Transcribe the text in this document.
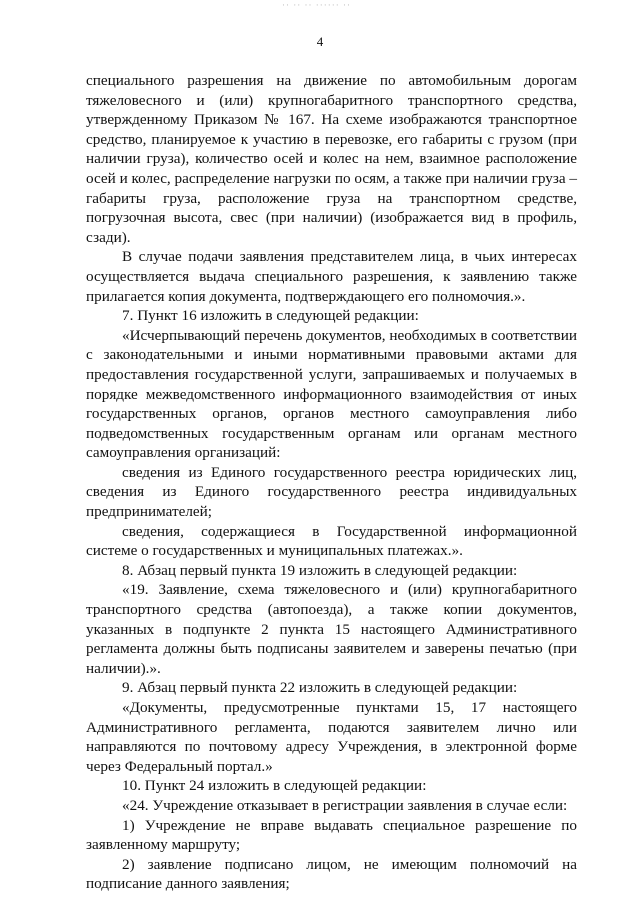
·· ·· ·· ······ ··
4

специального разрешения на движение по автомобильным дорогам тяжеловесного и (или) крупногабаритного транспортного средства, утвержденному Приказом № 167. На схеме изображаются транспортное средство, планируемое к участию в перевозке, его габариты с грузом (при наличии груза), количество осей и колес на нем, взаимное расположение осей и колес, распределение нагрузки по осям, а также при наличии груза – габариты груза, расположение груза на транспортном средстве, погрузочная высота, свес (при наличии) (изображается вид в профиль, сзади).

В случае подачи заявления представителем лица, в чьих интересах осуществляется выдача специального разрешения, к заявлению также прилагается копия документа, подтверждающего его полномочия.».

7. Пункт 16 изложить в следующей редакции:

«Исчерпывающий перечень документов, необходимых в соответствии с законодательными и иными нормативными правовыми актами для предоставления государственной услуги, запрашиваемых и получаемых в порядке межведомственного информационного взаимодействия от иных государственных органов, органов местного самоуправления либо подведомственных государственным органам или органам местного самоуправления организаций:

сведения из Единого государственного реестра юридических лиц, сведения из Единого государственного реестра индивидуальных предпринимателей;

сведения, содержащиеся в Государственной информационной системе о государственных и муниципальных платежах.».

8. Абзац первый пункта 19 изложить в следующей редакции:

«19. Заявление, схема тяжеловесного и (или) крупногабаритного транспортного средства (автопоезда), а также копии документов, указанных в подпункте 2 пункта 15 настоящего Административного регламента должны быть подписаны заявителем и заверены печатью (при наличии).».

9. Абзац первый пункта 22 изложить в следующей редакции:

«Документы, предусмотренные пунктами 15, 17 настоящего Административного регламента, подаются заявителем лично или направляются по почтовому адресу Учреждения, в электронной форме через Федеральный портал.»

10. Пункт 24 изложить в следующей редакции:

«24. Учреждение отказывает в регистрации заявления в случае если:

1) Учреждение не вправе выдавать специальное разрешение по заявленному маршруту;

2) заявление подписано лицом, не имеющим полномочий на подписание данного заявления;
